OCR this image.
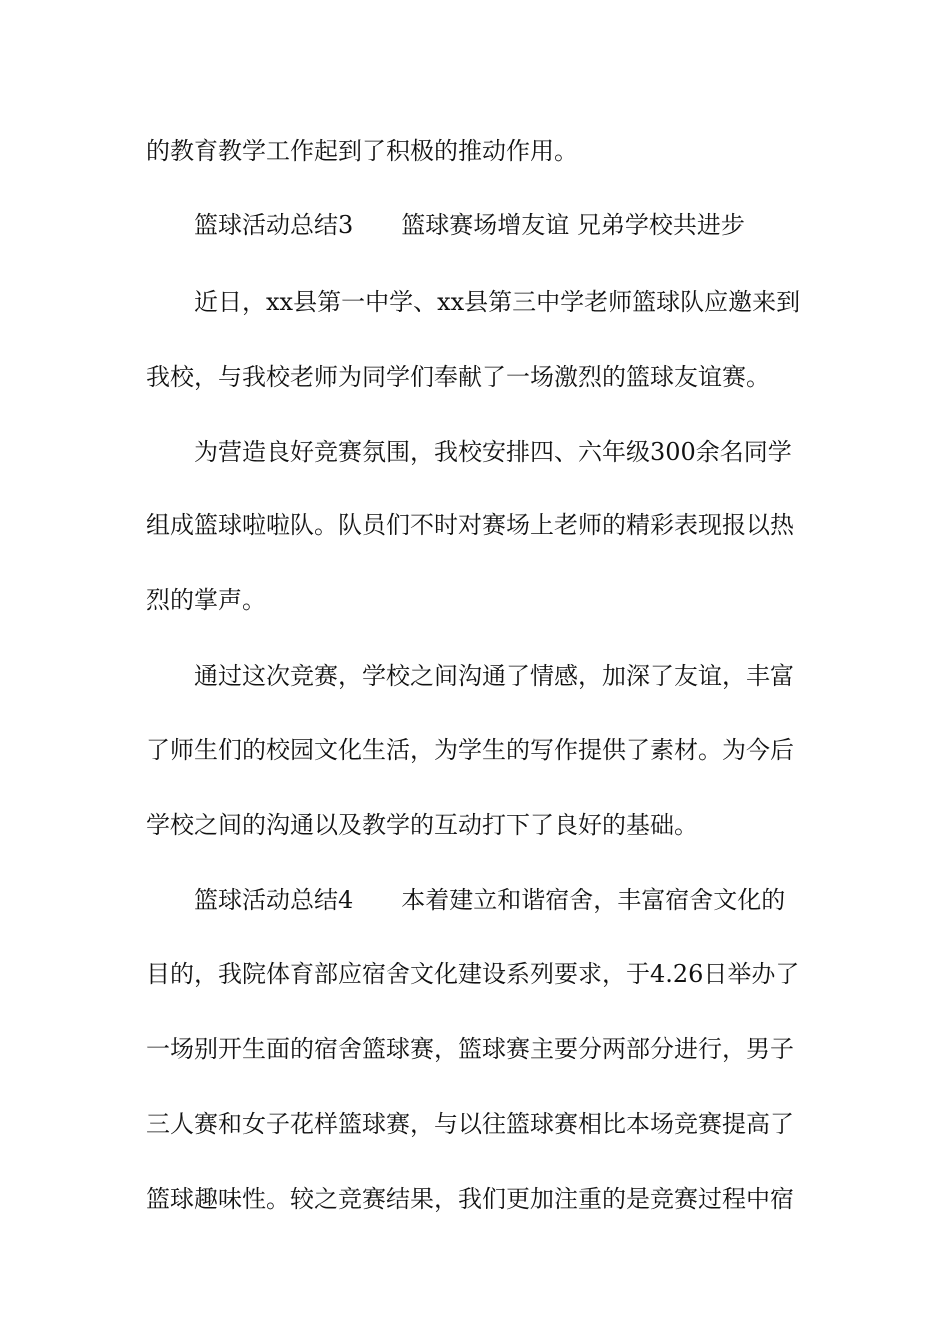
的教育教学工作起到了积极的推动作用。
篮球活动总结3　　篮球赛场增友谊 兄弟学校共进步
近日，xx县第一中学、xx县第三中学老师篮球队应邀来到
我校，与我校老师为同学们奉献了一场激烈的篮球友谊赛。
为营造良好竞赛氛围，我校安排四、六年级300余名同学
组成篮球啦啦队。队员们不时对赛场上老师的精彩表现报以热
烈的掌声。
通过这次竞赛，学校之间沟通了情感，加深了友谊，丰富
了师生们的校园文化生活，为学生的写作提供了素材。为今后
学校之间的沟通以及教学的互动打下了良好的基础。
篮球活动总结4　　本着建立和谐宿舍，丰富宿舍文化的
目的，我院体育部应宿舍文化建设系列要求，于4.26日举办了
一场别开生面的宿舍篮球赛，篮球赛主要分两部分进行，男子
三人赛和女子花样篮球赛，与以往篮球赛相比本场竞赛提高了
篮球趣味性。较之竞赛结果，我们更加注重的是竞赛过程中宿
